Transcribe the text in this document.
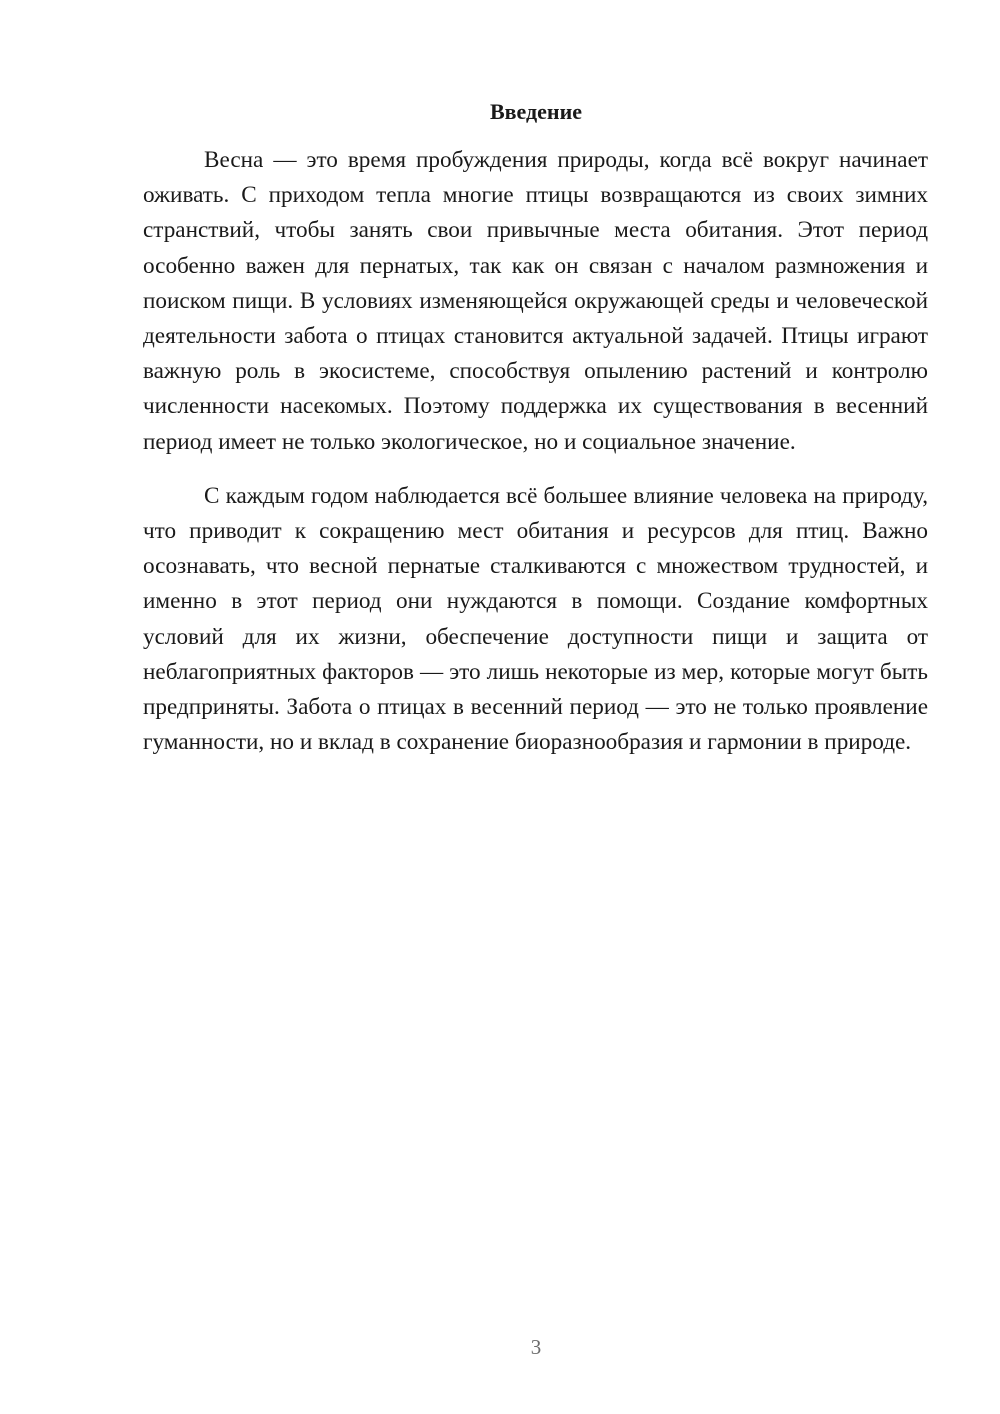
Введение

Весна — это время пробуждения природы, когда всё вокруг начинает оживать. С приходом тепла многие птицы возвращаются из своих зимних странствий, чтобы занять свои привычные места обитания. Этот период особенно важен для пернатых, так как он связан с началом размножения и поиском пищи. В условиях изменяющейся окружающей среды и человеческой деятельности забота о птицах становится актуальной задачей. Птицы играют важную роль в экосистеме, способствуя опылению растений и контролю численности насекомых. Поэтому поддержка их существования в весенний период имеет не только экологическое, но и социальное значение.

С каждым годом наблюдается всё большее влияние человека на природу, что приводит к сокращению мест обитания и ресурсов для птиц. Важно осознавать, что весной пернатые сталкиваются с множеством трудностей, и именно в этот период они нуждаются в помощи. Создание комфортных условий для их жизни, обеспечение доступности пищи и защита от неблагоприятных факторов — это лишь некоторые из мер, которые могут быть предприняты. Забота о птицах в весенний период — это не только проявление гуманности, но и вклад в сохранение биоразнообразия и гармонии в природе.

3
